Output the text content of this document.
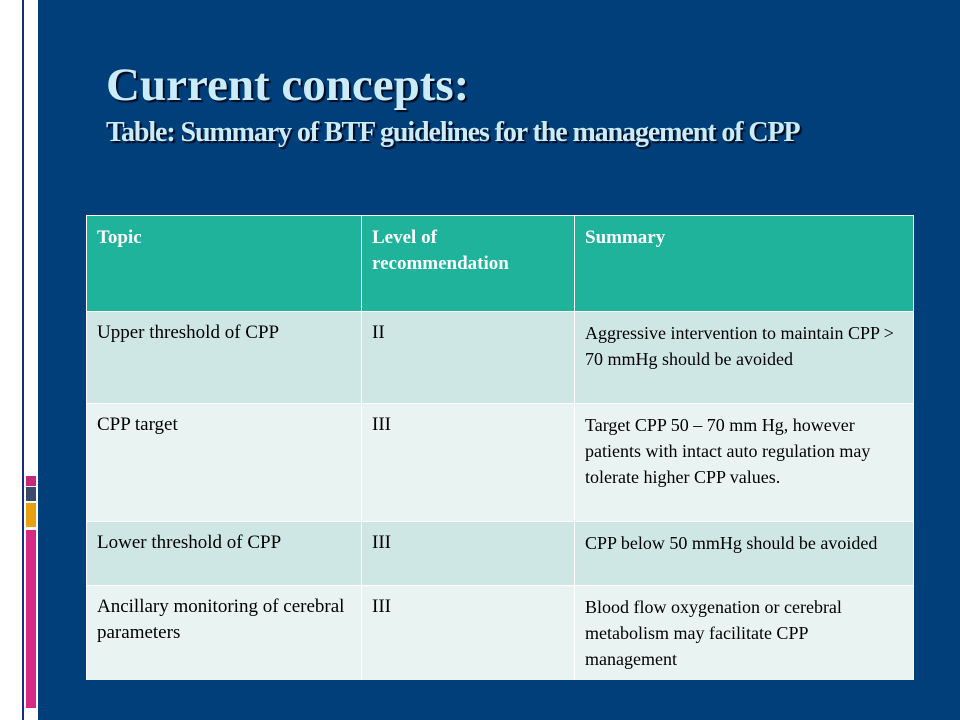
Current concepts:
Table: Summary of BTF guidelines for the management of CPP
Topic	Level of recommendation	Summary
Upper threshold of CPP	II	Aggressive intervention to maintain CPP > 70 mmHg should be avoided
CPP target	III	Target CPP 50 – 70 mm Hg, however patients with intact auto regulation may tolerate higher CPP values.
Lower threshold of CPP	III	CPP below 50 mmHg should be avoided
Ancillary monitoring of cerebral parameters	III	Blood flow oxygenation or cerebral metabolism may facilitate CPP management
